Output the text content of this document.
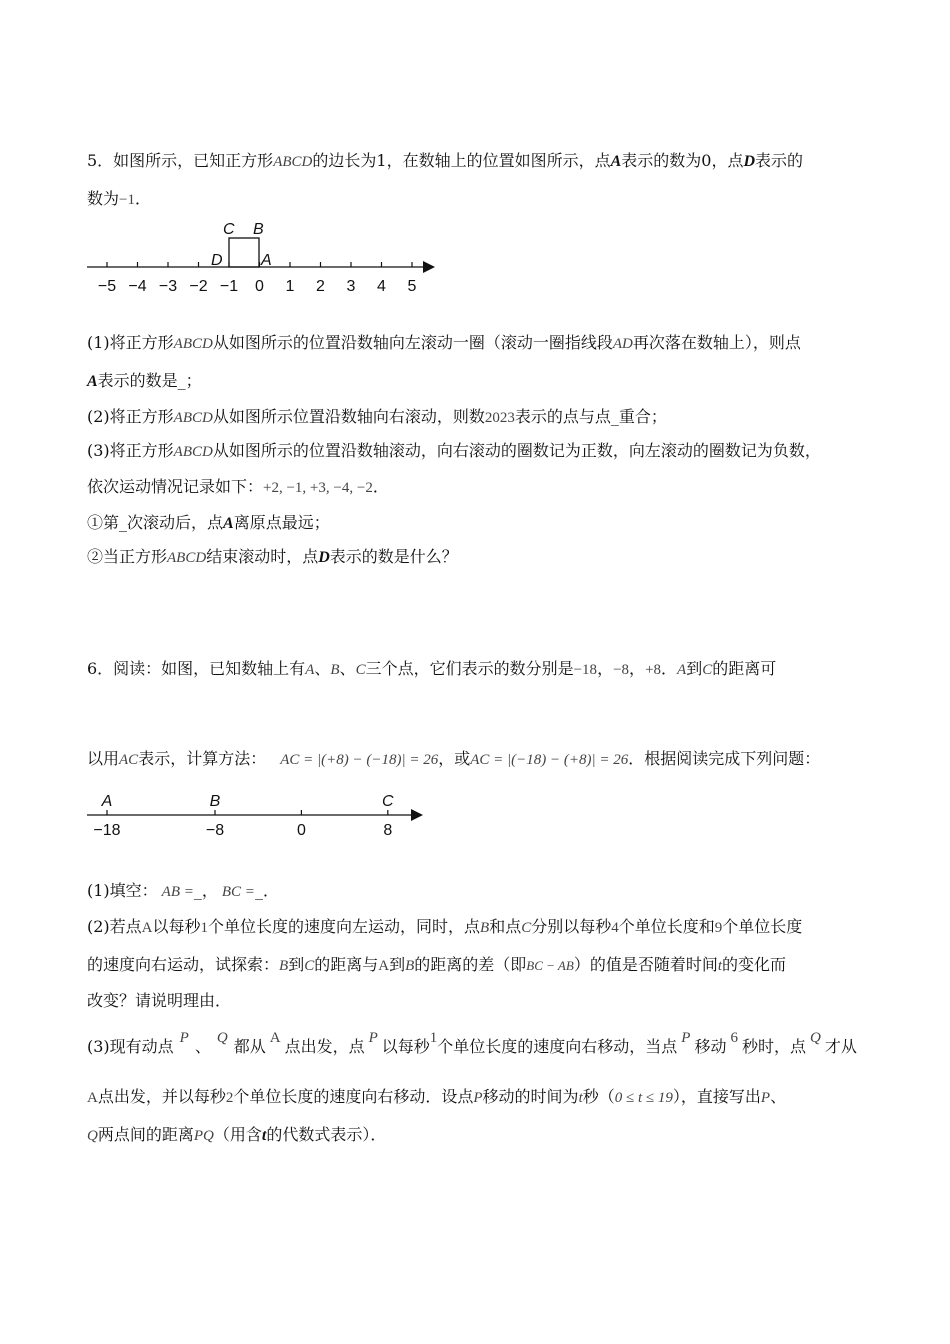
5．如图所示，已知正方形ABCD的边长为1，在数轴上的位置如图所示，点A表示的数为0，点D表示的
数为−1．
−5 −4 −3 −2 −1 0 1 2 3 4 5
C B
D A
(1)将正方形ABCD从如图所示的位置沿数轴向左滚动一圈（滚动一圈指线段AD再次落在数轴上），则点
A表示的数是_；
(2)将正方形ABCD从如图所示位置沿数轴向右滚动，则数2023表示的点与点_重合；
(3)将正方形ABCD从如图所示的位置沿数轴滚动，向右滚动的圈数记为正数，向左滚动的圈数记为负数，
依次运动情况记录如下：+2, −1, +3, −4, −2．
①第_次滚动后，点A离原点最远；
②当正方形ABCD结束滚动时，点D表示的数是什么？
6．阅读：如图，已知数轴上有A、B、C三个点，它们表示的数分别是−18，−8，+8．A到C的距离可
以用AC表示，计算方法： AC = |(+8) − (−18)| = 26，或AC = |(−18) − (+8)| = 26．根据阅读完成下列问题：
−18	−8	0	8
A	B	C
(1)填空： AB =_， BC =_．
(2)若点A以每秒1个单位长度的速度向左运动，同时，点B和点C分别以每秒4个单位长度和9个单位长度
的速度向右运动，试探索：B到C的距离与A到B的距离的差（即BC − AB）的值是否随着时间t的变化而
改变？请说明理由．
(3)现有动点 P 、 Q 都从 A 点出发，点 P 以每秒1个单位长度的速度向右移动，当点 P 移动 6 秒时，点 Q 才从
A点出发，并以每秒2个单位长度的速度向右移动．设点P移动的时间为t秒（0 ≤ t ≤ 19），直接写出P、
Q两点间的距离PQ（用含t的代数式表示）．
